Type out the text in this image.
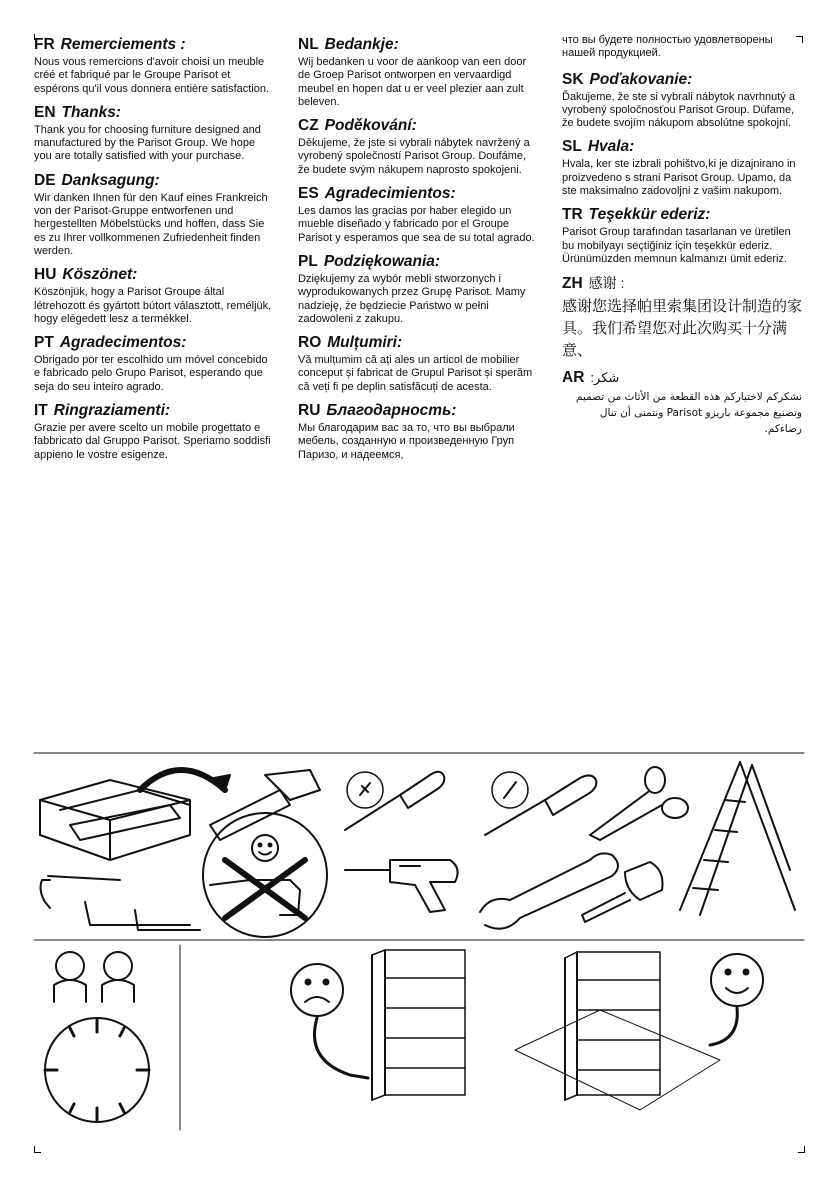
FR Remerciements :

Nous vous remercions d'avoir choisi un meuble créé et fabriqué par le Groupe Parisot et espérons qu'il vous donnera entière satisfaction.

EN Thanks:

Thank you for choosing furniture designed and manufactured by the Parisot Group. We hope you are totally satisfied with your purchase.

DE Danksagung:

Wir danken Ihnen für den Kauf eines Frankreich von der Parisot-Gruppe entworfenen und hergestellten Möbelstücks und hoffen, dass Sie es zu Ihrer vollkommenen Zufriedenheit finden werden.

HU Köszönet:

Köszönjük, hogy a Parisot Groupe által létrehozott és gyártott bútort választott, reméljük, hogy elégedett lesz a termékkel.

PT Agradecimentos:

Obrigado por ter escolhido um móvel concebido e fabricado pelo Grupo Parisot, esperando que seja do seu inteiro agrado.

IT Ringraziamenti:

Grazie per avere scelto un mobile progettato e fabbricato dal Gruppo Parisot. Speriamo soddisfi appieno le vostre esigenze.

NL Bedankje:

Wij bedanken u voor de aankoop van een door de Groep Parisot ontworpen en vervaardigd meubel en hopen dat u er veel plezier aan zult beleven.

CZ Poděkování:

Děkujeme, že jste si vybrali nábytek navržený a vyrobený společností Parisot Group. Doufáme, že budete svým nákupem naprosto spokojeni.

ES Agradecimientos:

Les damos las gracias por haber elegido un mueble diseñado y fabricado por el Groupe Parisot y esperamos que sea de su total agrado.

PL Podziękowania:

Dziękujemy za wybór mebli stworzonych i wyprodukowanych przez Grupę Parisot. Mamy nadzieję, że będziecie Państwo w pełni zadowoleni z zakupu.

RO Mulțumiri:

Vă mulțumim că ați ales un articol de mobilier conceput și fabricat de Grupul Parisot și sperăm că veți fi pe deplin satisfăcuți de acesta.

RU Благодарность:

Мы благодарим вас за то, что вы выбрали мебель, созданную и произведенную Груп Паризо, и надеемся,

что вы будете полностью удовлетворены нашей продукцией.

SK Poďakovanie:

Ďakujeme, že ste si vybrali nábytok navrhnutý a vyrobený spoločnosťou Parisot Group. Dúfame, že budete svojím nákupom absolútne spokojní.

SL Hvala:

Hvala, ker ste izbrali pohištvo,ki je dizajnirano in proizvedeno s strani Parisot Group. Upamo, da ste maksimalno zadovoljni z vašim nakupom.

TR Teşekkür ederiz:

Parisot Group tarafından tasarlanan ve üretilen bu mobilyayı seçtiğiniz için teşekkür ederiz. Ürünümüzden memnun kalmanızı ümit ederiz.

ZH 感谢 :

感谢您选择帕里索集团设计制造的家具。我们希望您对此次购买十分满意、

AR :شكر

نشكركم لاختياركم هذه القطعة من الأثاث من تصميم وتصنيع مجموعة باريزو Parisot ونتمنى أن تنال رضاءكم.
